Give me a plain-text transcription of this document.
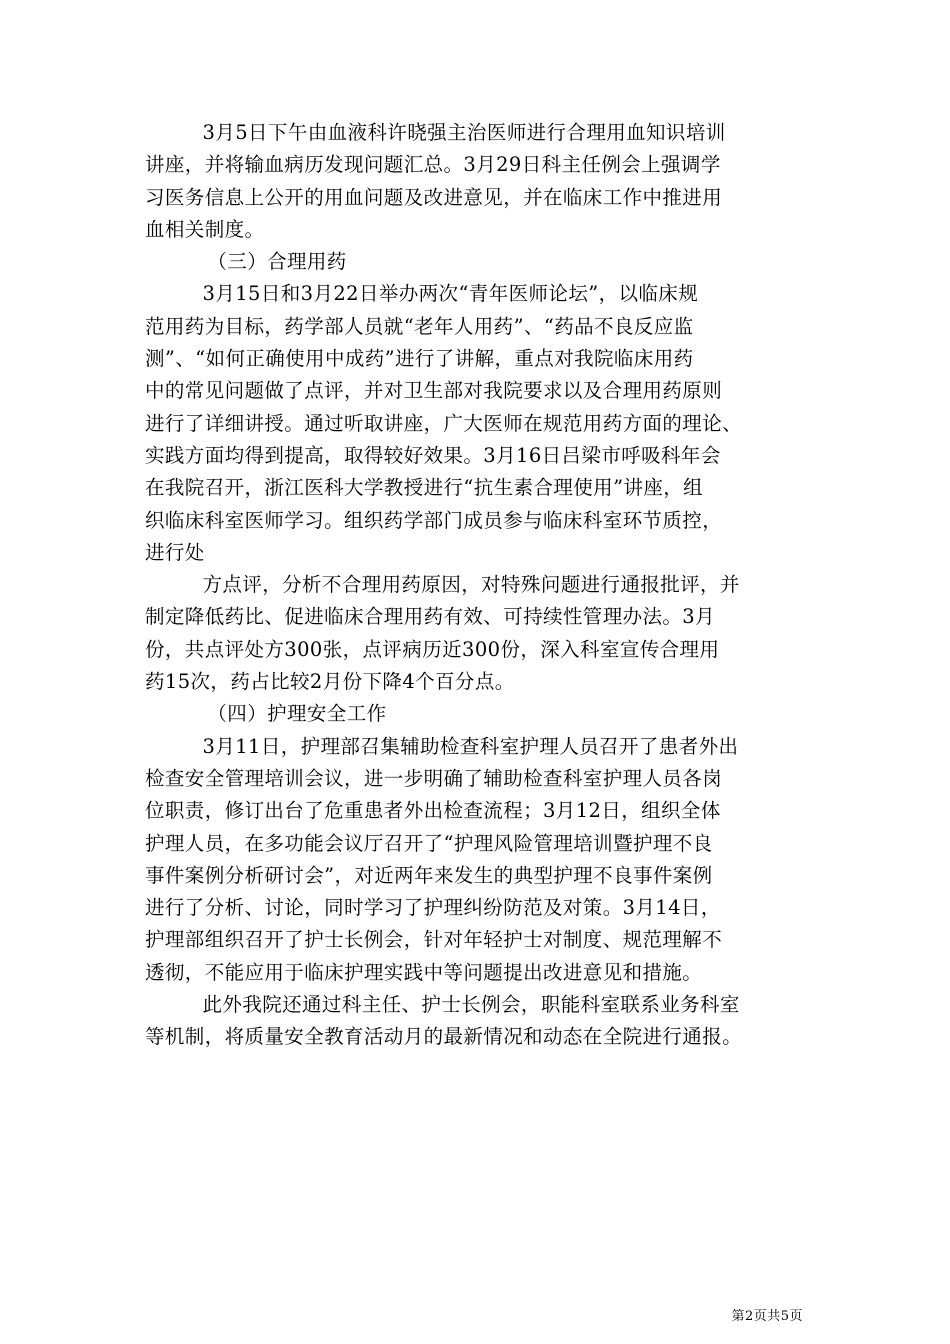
3月5日下午由血液科许晓强主治医师进行合理用血知识培训
讲座，并将输血病历发现问题汇总。3月29日科主任例会上强调学
习医务信息上公开的用血问题及改进意见，并在临床工作中推进用
血相关制度。
（三）合理用药
3月15日和3月22日举办两次“青年医师论坛”，以临床规
范用药为目标，药学部人员就“老年人用药”、“药品不良反应监
测”、“如何正确使用中成药”进行了讲解，重点对我院临床用药
中的常见问题做了点评，并对卫生部对我院要求以及合理用药原则
进行了详细讲授。通过听取讲座，广大医师在规范用药方面的理论、
实践方面均得到提高，取得较好效果。3月16日吕梁市呼吸科年会
在我院召开，浙江医科大学教授进行“抗生素合理使用”讲座，组
织临床科室医师学习。组织药学部门成员参与临床科室环节质控，
进行处
方点评，分析不合理用药原因，对特殊问题进行通报批评，并
制定降低药比、促进临床合理用药有效、可持续性管理办法。3月
份，共点评处方300张，点评病历近300份，深入科室宣传合理用
药15次，药占比较2月份下降4个百分点。
（四）护理安全工作
3月11日，护理部召集辅助检查科室护理人员召开了患者外出
检查安全管理培训会议，进一步明确了辅助检查科室护理人员各岗
位职责，修订出台了危重患者外出检查流程；3月12日，组织全体
护理人员，在多功能会议厅召开了“护理风险管理培训暨护理不良
事件案例分析研讨会”，对近两年来发生的典型护理不良事件案例
进行了分析、讨论，同时学习了护理纠纷防范及对策。3月14日，
护理部组织召开了护士长例会，针对年轻护士对制度、规范理解不
透彻，不能应用于临床护理实践中等问题提出改进意见和措施。
此外我院还通过科主任、护士长例会，职能科室联系业务科室
等机制，将质量安全教育活动月的最新情况和动态在全院进行通报。
第2页共5页
